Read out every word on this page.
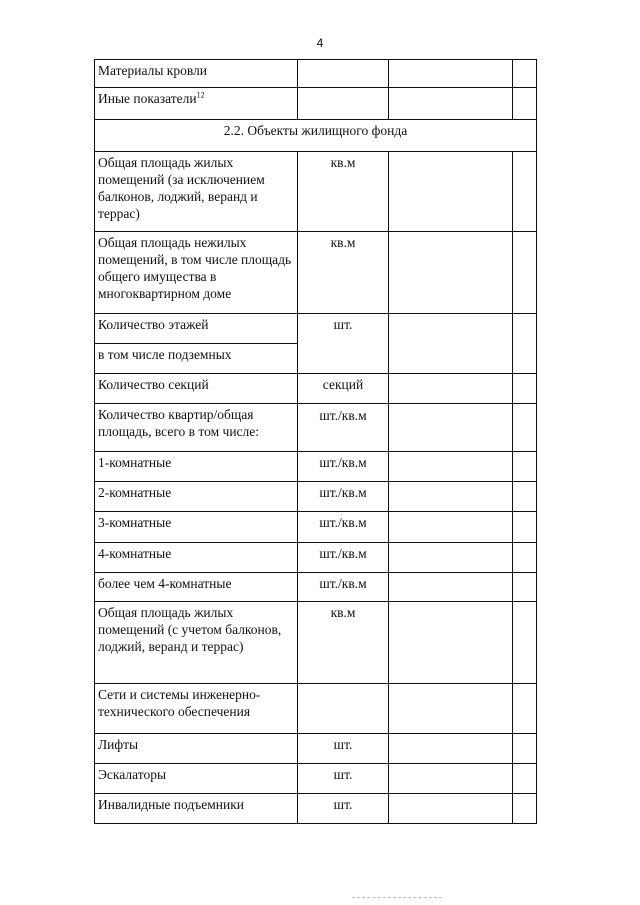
4
Материалы кровли			
Иные показатели$^{12}$			
2.2. Объекты жилищного фонда			
Общая площадь жилых помещений (за исключением балконов, лоджий, веранд и террас)	кв.м		
Общая площадь нежилых помещений, в том числе площадь общего имущества в многоквартирном доме	кв.м		
Количество этажей	шт.		
в том числе подземных			
Количество секций	секций		
Количество квартир/общая площадь, всего в том числе:	шт./кв.м		
1-комнатные	шт./кв.м		
2-комнатные	шт./кв.м		
3-комнатные	шт./кв.м		
4-комнатные	шт./кв.м		
более чем 4-комнатные	шт./кв.м		
Общая площадь жилых помещений (с учетом балконов, лоджий, веранд и террас)	кв.м		
Сети и системы инженерно-технического обеспечения			
Лифты	шт.		
Эскалаторы	шт.		
Инвалидные подъемники	шт.		
